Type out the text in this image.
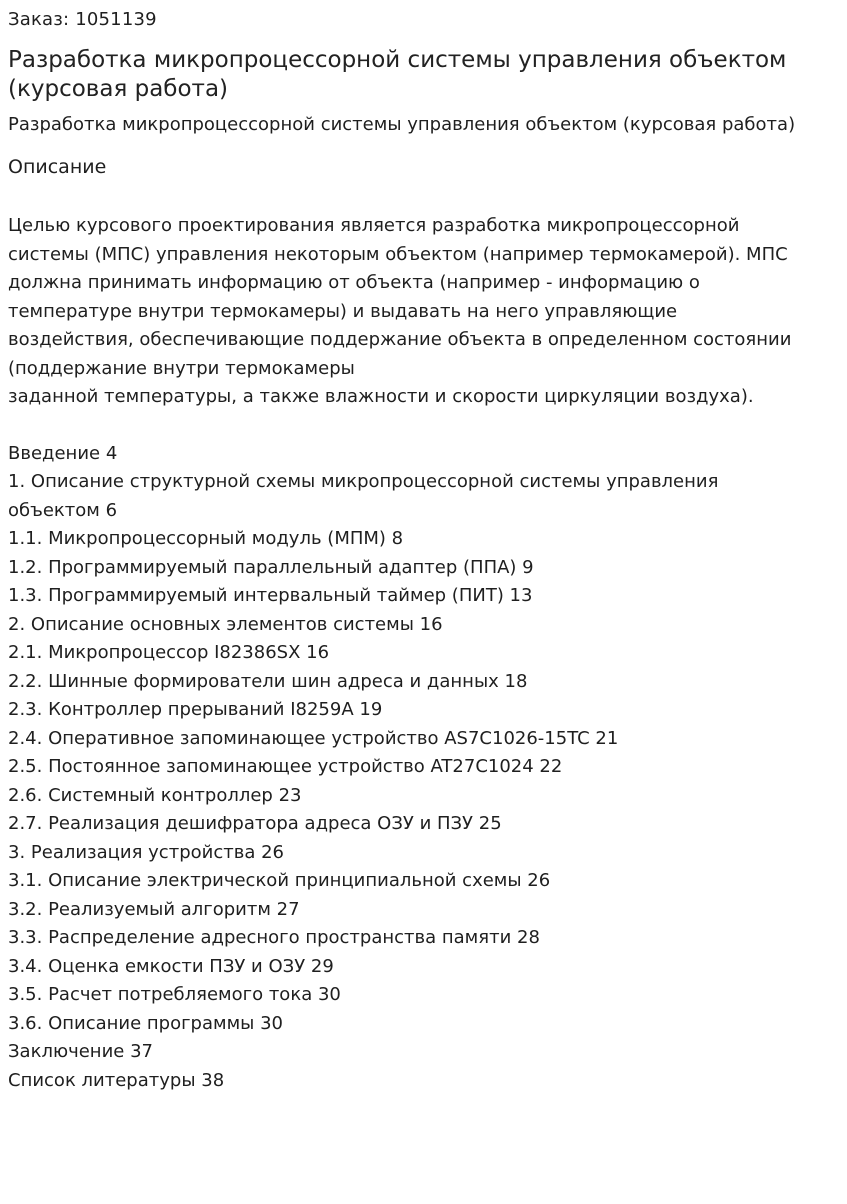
Заказ: 1051139
Разработка микропроцессорной системы управления объектом
(курсовая работа)
Разработка микропроцессорной системы управления объектом (курсовая работа)
Описание
Целью курсового проектирования является разработка микропроцессорной
системы (МПС) управления некоторым объектом (например термокамерой). МПС
должна принимать информацию от объекта (например - информацию о
температуре внутри термокамеры) и выдавать на него управляющие
воздействия, обеспечивающие поддержание объекта в определенном состоянии
(поддержание внутри термокамеры
заданной температуры, а также влажности и скорости циркуляции воздуха).
Введение 4
1. Описание структурной схемы микропроцессорной системы управления
объектом 6
1.1. Микропроцессорный модуль (МПМ) 8
1.2. Программируемый параллельный адаптер (ППА) 9
1.3. Программируемый интервальный таймер (ПИТ) 13
2. Описание основных элементов системы 16
2.1. Микропроцессор I82386SX 16
2.2. Шинные формирователи шин адреса и данных 18
2.3. Контроллер прерываний I8259A 19
2.4. Оперативное запоминающее устройство AS7C1026-15TC 21
2.5. Постоянное запоминающее устройство AT27C1024 22
2.6. Системный контроллер 23
2.7. Реализация дешифратора адреса ОЗУ и ПЗУ 25
3. Реализация устройства 26
3.1. Описание электрической принципиальной схемы 26
3.2. Реализуемый алгоритм 27
3.3. Распределение адресного пространства памяти 28
3.4. Оценка емкости ПЗУ и ОЗУ 29
3.5. Расчет потребляемого тока 30
3.6. Описание программы 30
Заключение 37
Список литературы 38
